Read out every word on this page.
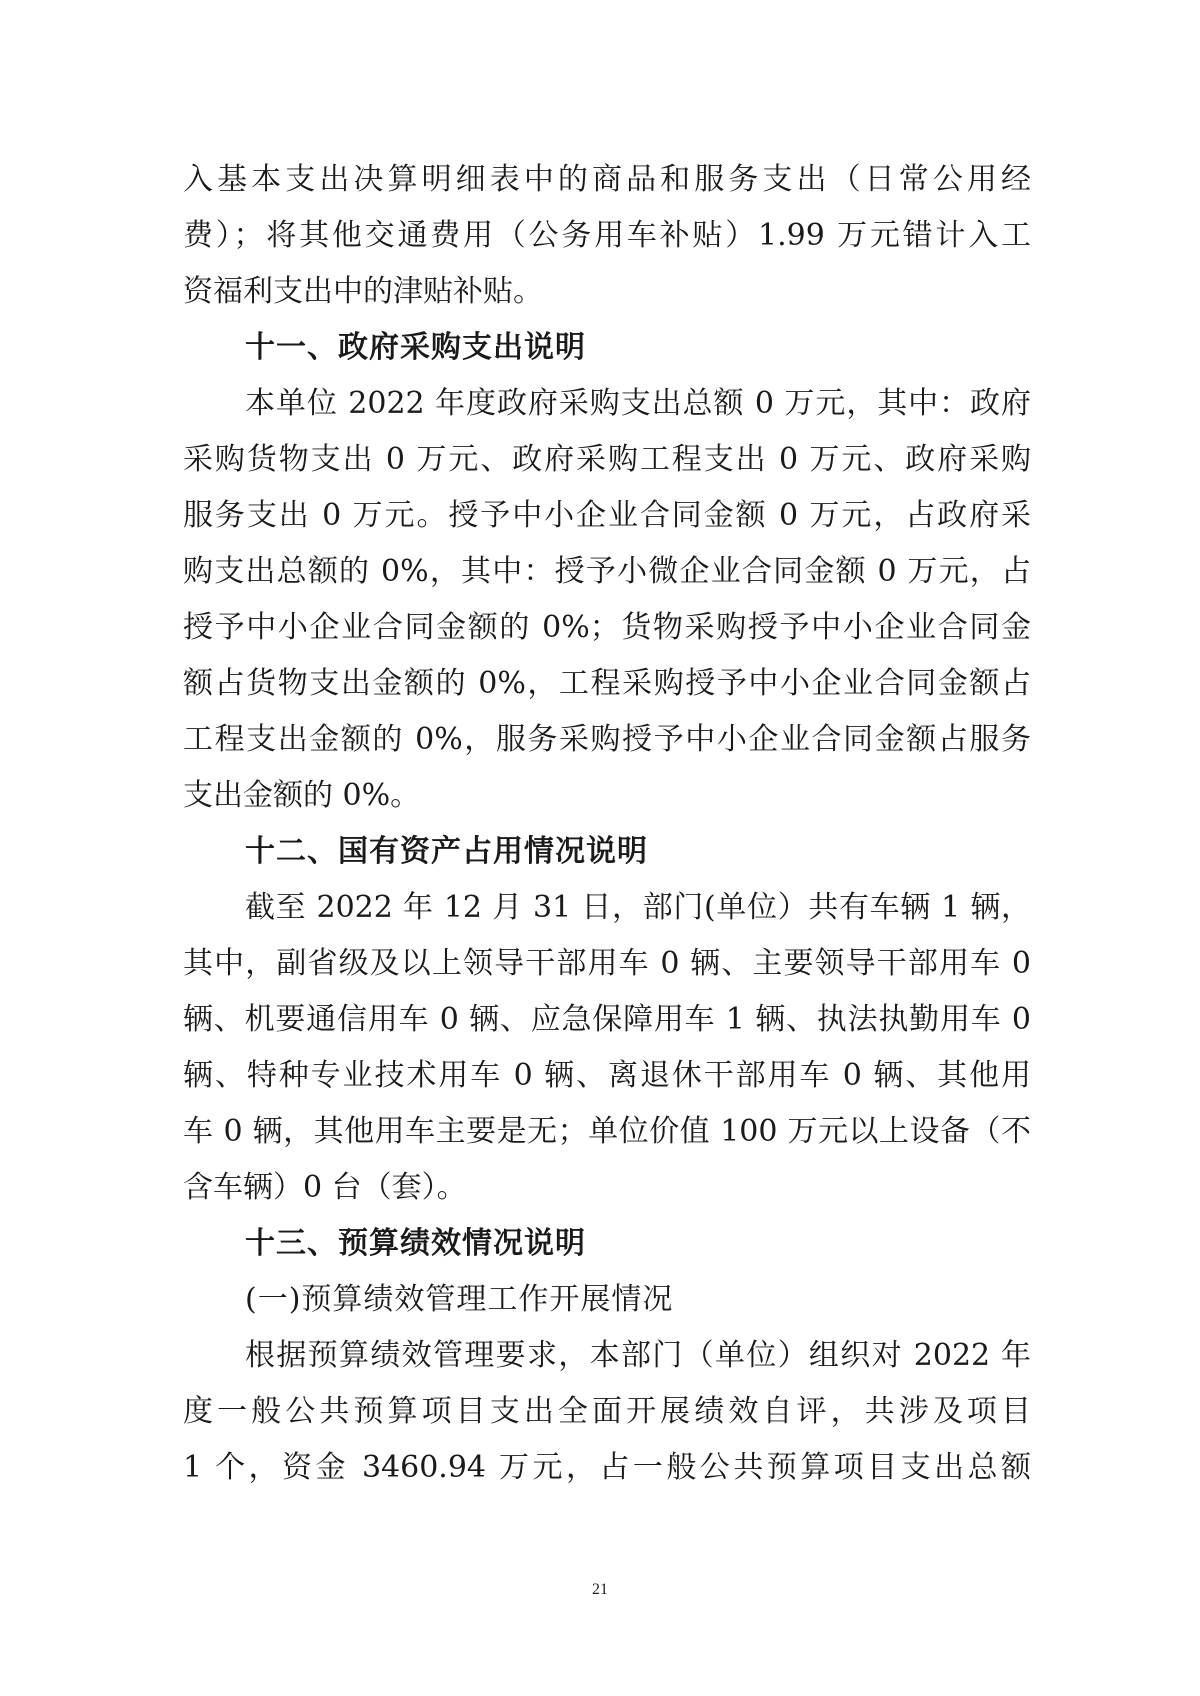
入基本支出决算明细表中的商品和服务支出（日常公用经
费）；将其他交通费用（公务用车补贴）1.99 万元错计入工
资福利支出中的津贴补贴。
十一、政府采购支出说明
本单位 2022 年度政府采购支出总额 0 万元，其中：政府
采购货物支出 0 万元、政府采购工程支出 0 万元、政府采购
服务支出 0 万元。授予中小企业合同金额 0 万元，占政府采
购支出总额的 0%，其中：授予小微企业合同金额 0 万元，占
授予中小企业合同金额的 0%；货物采购授予中小企业合同金
额占货物支出金额的 0%，工程采购授予中小企业合同金额占
工程支出金额的 0%，服务采购授予中小企业合同金额占服务
支出金额的 0%。
十二、国有资产占用情况说明
截至 2022 年 12 月 31 日，部门(单位）共有车辆 1 辆，
其中，副省级及以上领导干部用车 0 辆、主要领导干部用车 0
辆、机要通信用车 0 辆、应急保障用车 1 辆、执法执勤用车 0
辆、特种专业技术用车 0 辆、离退休干部用车 0 辆、其他用
车 0 辆，其他用车主要是无；单位价值 100 万元以上设备（不
含车辆）0 台（套）。
十三、预算绩效情况说明
(一)预算绩效管理工作开展情况
根据预算绩效管理要求，本部门（单位）组织对 2022 年
度一般公共预算项目支出全面开展绩效自评，共涉及项目
1 个，资金 3460.94 万元，占一般公共预算项目支出总额
21
